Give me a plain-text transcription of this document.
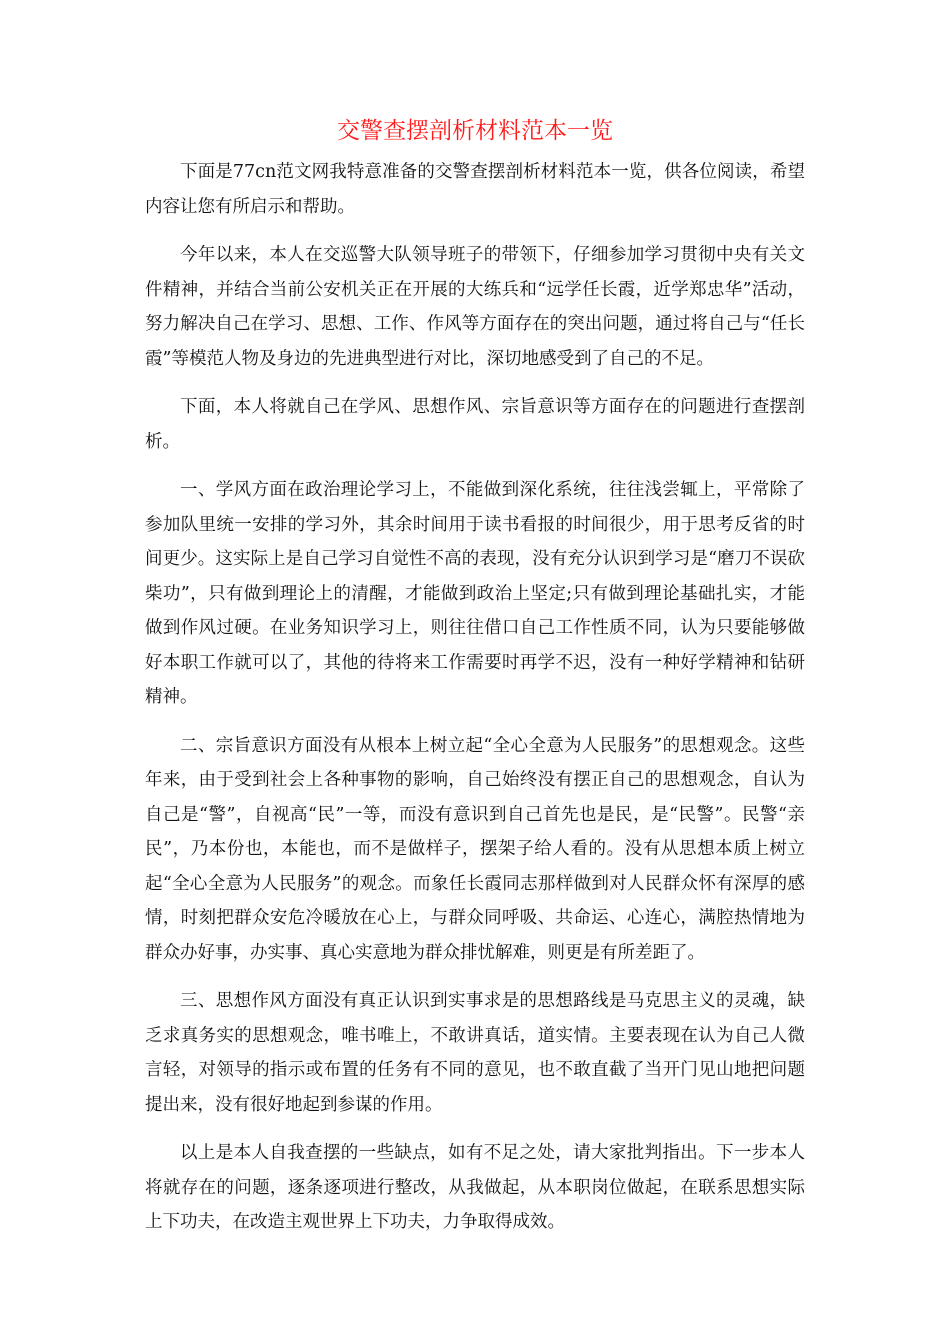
交警查摆剖析材料范本一览

下面是77cn范文网我特意准备的交警查摆剖析材料范本一览，供各位阅读，希望内容让您有所启示和帮助。

今年以来，本人在交巡警大队领导班子的带领下，仔细参加学习贯彻中央有关文件精神，并结合当前公安机关正在开展的大练兵和“远学任长霞，近学郑忠华”活动，努力解决自己在学习、思想、工作、作风等方面存在的突出问题，通过将自己与“任长霞”等模范人物及身边的先进典型进行对比，深切地感受到了自己的不足。

下面，本人将就自己在学风、思想作风、宗旨意识等方面存在的问题进行查摆剖析。

一、学风方面在政治理论学习上，不能做到深化系统，往往浅尝辄上，平常除了参加队里统一安排的学习外，其余时间用于读书看报的时间很少，用于思考反省的时间更少。这实际上是自己学习自觉性不高的表现，没有充分认识到学习是“磨刀不误砍柴功”，只有做到理论上的清醒，才能做到政治上坚定;只有做到理论基础扎实，才能做到作风过硬。在业务知识学习上，则往往借口自己工作性质不同，认为只要能够做好本职工作就可以了，其他的待将来工作需要时再学不迟，没有一种好学精神和钻研精神。

二、宗旨意识方面没有从根本上树立起“全心全意为人民服务”的思想观念。这些年来，由于受到社会上各种事物的影响，自己始终没有摆正自己的思想观念，自认为自己是“警”，自视高“民”一等，而没有意识到自己首先也是民，是“民警”。民警“亲民”，乃本份也，本能也，而不是做样子，摆架子给人看的。没有从思想本质上树立起“全心全意为人民服务”的观念。而象任长霞同志那样做到对人民群众怀有深厚的感情，时刻把群众安危冷暖放在心上，与群众同呼吸、共命运、心连心，满腔热情地为群众办好事，办实事、真心实意地为群众排忧解难，则更是有所差距了。

三、思想作风方面没有真正认识到实事求是的思想路线是马克思主义的灵魂，缺乏求真务实的思想观念，唯书唯上，不敢讲真话，道实情。主要表现在认为自己人微言轻，对领导的指示或布置的任务有不同的意见，也不敢直截了当开门见山地把问题提出来，没有很好地起到参谋的作用。

以上是本人自我查摆的一些缺点，如有不足之处，请大家批判指出。下一步本人将就存在的问题，逐条逐项进行整改，从我做起，从本职岗位做起，在联系思想实际上下功夫，在改造主观世界上下功夫，力争取得成效。
